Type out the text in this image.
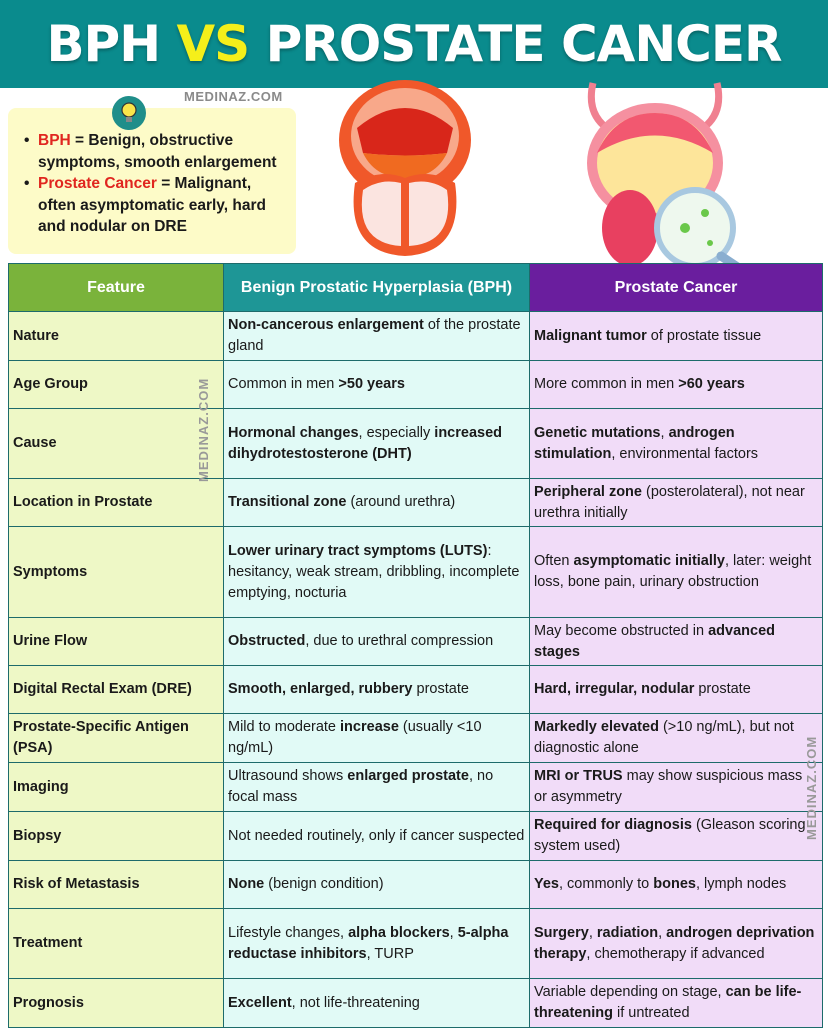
BPH VS PROSTATE CANCER
MEDINAZ.COM
• BPH = Benign, obstructive symptoms, smooth enlargement
• Prostate Cancer = Malignant, often asymptomatic early, hard and nodular on DRE
Feature	Benign Prostatic Hyperplasia (BPH)	Prostate Cancer
Nature	Non-cancerous enlargement of the prostate gland	Malignant tumor of prostate tissue
Age Group	Common in men >50 years	More common in men >60 years
Cause	Hormonal changes, especially increased dihydrotestosterone (DHT)	Genetic mutations, androgen stimulation, environmental factors
Location in Prostate	Transitional zone (around urethra)	Peripheral zone (posterolateral), not near urethra initially
Symptoms	Lower urinary tract symptoms (LUTS): hesitancy, weak stream, dribbling, incomplete emptying, nocturia	Often asymptomatic initially, later: weight loss, bone pain, urinary obstruction
Urine Flow	Obstructed, due to urethral compression	May become obstructed in advanced stages
Digital Rectal Exam (DRE)	Smooth, enlarged, rubbery prostate	Hard, irregular, nodular prostate
Prostate-Specific Antigen (PSA)	Mild to moderate increase (usually <10 ng/mL)	Markedly elevated (>10 ng/mL), but not diagnostic alone
Imaging	Ultrasound shows enlarged prostate, no focal mass	MRI or TRUS may show suspicious mass or asymmetry
Biopsy	Not needed routinely, only if cancer suspected	Required for diagnosis (Gleason scoring system used)
Risk of Metastasis	None (benign condition)	Yes, commonly to bones, lymph nodes
Treatment	Lifestyle changes, alpha blockers, 5-alpha reductase inhibitors, TURP	Surgery, radiation, androgen deprivation therapy, chemotherapy if advanced
Prognosis	Excellent, not life-threatening	Variable depending on stage, can be life-threatening if untreated
MEDINAZ.COM
MEDINAZ.COM
